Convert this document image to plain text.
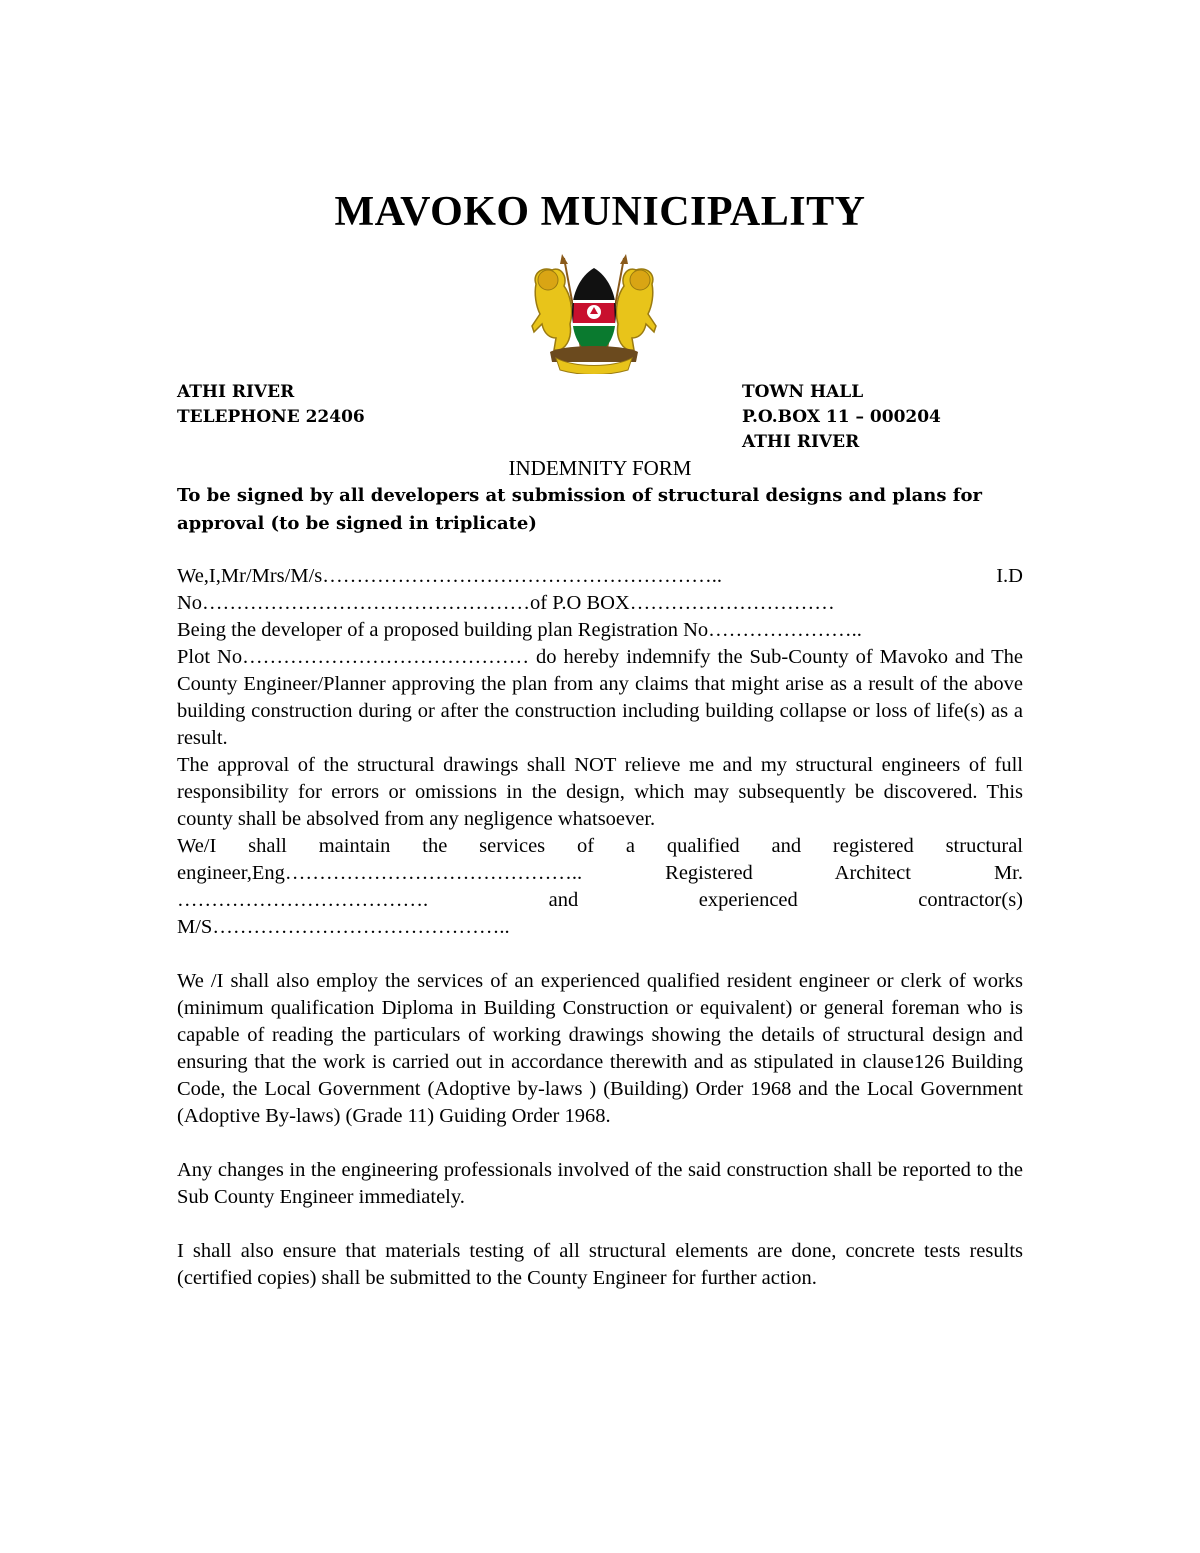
MAVOKO MUNICIPALITY
ATHI RIVER
TELEPHONE 22406
TOWN HALL
P.O.BOX 11 – 000204
ATHI RIVER
INDEMNITY FORM
To be signed by all developers at submission of structural designs and plans for approval (to be signed in triplicate)
We,I,Mr/Mrs/M/s…………………………………………………..	I.D
No…………………………………………of P.O BOX…………………………
Being the developer of a proposed building plan Registration No…………………..

Plot No…………………………………… do hereby indemnify the Sub-County of Mavoko and The County Engineer/Planner approving the plan from any claims that might arise as a result of the above building construction during or after the construction including building collapse or loss of life(s) as a result.

The approval of the structural drawings shall NOT relieve me and my structural engineers of full responsibility for errors or omissions in the design, which may subsequently be discovered. This county shall be absolved from any negligence whatsoever.

We/I shall maintain the services of a qualified and registered structural
engineer,Eng…………………………………….. Registered Architect Mr.
………………………………. and experienced contractor(s)
M/S……………………………………..

We /I shall also employ the services of an experienced qualified resident engineer or clerk of works (minimum qualification Diploma in Building Construction or equivalent) or general foreman who is capable of reading the particulars of working drawings showing the details of structural design and ensuring that the work is carried out in accordance therewith and as stipulated in clause126 Building Code, the Local Government (Adoptive by-laws ) (Building) Order 1968 and the Local Government (Adoptive By-laws) (Grade 11) Guiding Order 1968.

Any changes in the engineering professionals involved of the said construction shall be reported to the Sub County Engineer immediately.

I shall also ensure that materials testing of all structural elements are done, concrete tests results (certified copies) shall be submitted to the County Engineer for further action.
